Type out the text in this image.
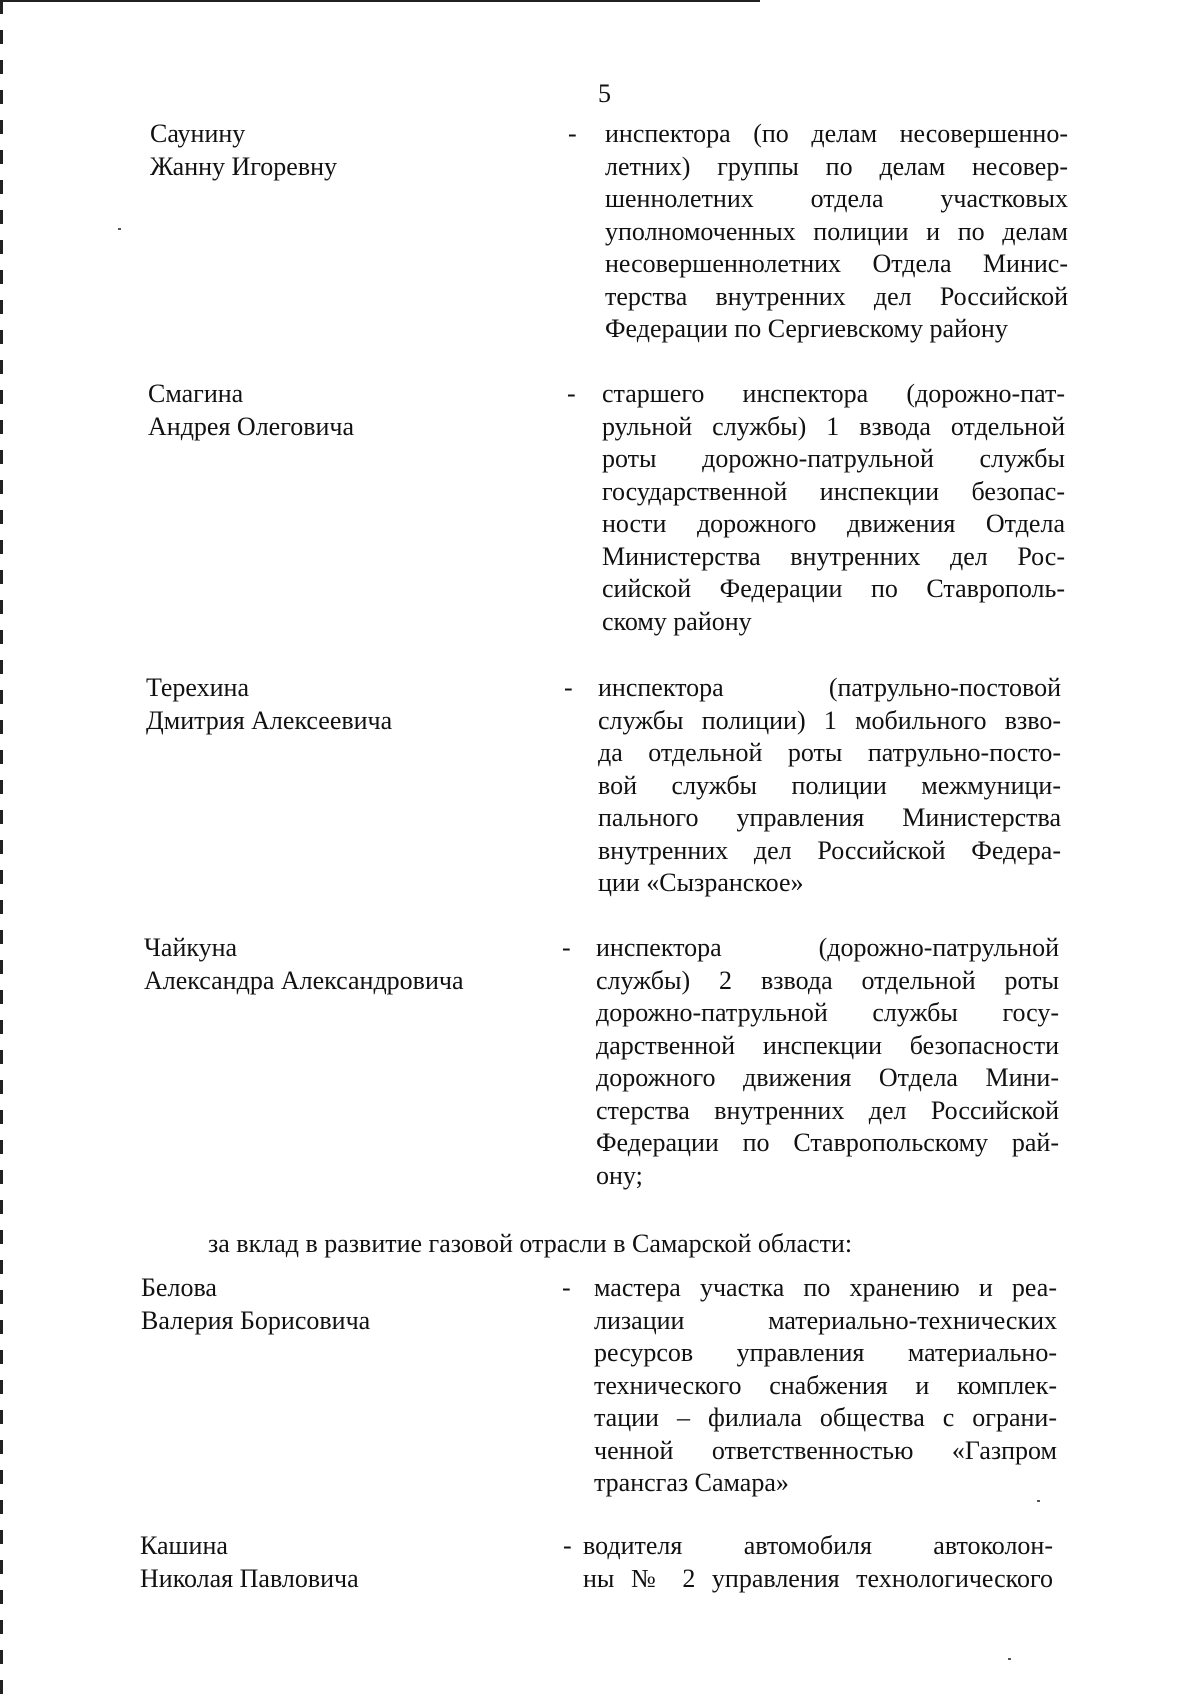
5
Саунину
Жанну Игоревну
- инспектора (по делам несовершенно-
летних) группы по делам несовер-
шеннолетних отдела участковых
уполномоченных полиции и по делам
несовершеннолетних Отдела Минис-
терства внутренних дел Российской
Федерации по Сергиевскому району
Смагина
Андрея Олеговича
- старшего инспектора (дорожно-пат-
рульной службы) 1 взвода отдельной
роты дорожно-патрульной службы
государственной инспекции безопас-
ности дорожного движения Отдела
Министерства внутренних дел Рос-
сийской Федерации по Ставрополь-
скому району
Терехина
Дмитрия Алексеевича
- инспектора (патрульно-постовой
службы полиции) 1 мобильного взво-
да отдельной роты патрульно-посто-
вой службы полиции межмуници-
пального управления Министерства
внутренних дел Российской Федера-
ции «Сызранское»
Чайкуна
Александра Александровича
- инспектора (дорожно-патрульной
службы) 2 взвода отдельной роты
дорожно-патрульной службы госу-
дарственной инспекции безопасности
дорожного движения Отдела Мини-
стерства внутренних дел Российской
Федерации по Ставропольскому рай-
ону;
за вклад в развитие газовой отрасли в Самарской области:
Белова
Валерия Борисовича
- мастера участка по хранению и реа-
лизации материально-технических
ресурсов управления материально-
технического снабжения и комплек-
тации – филиала общества с ограни-
ченной ответственностью «Газпром
трансгаз Самара»
Кашина
Николая Павловича
- водителя автомобиля автоколон-
ны № 2 управления технологического
